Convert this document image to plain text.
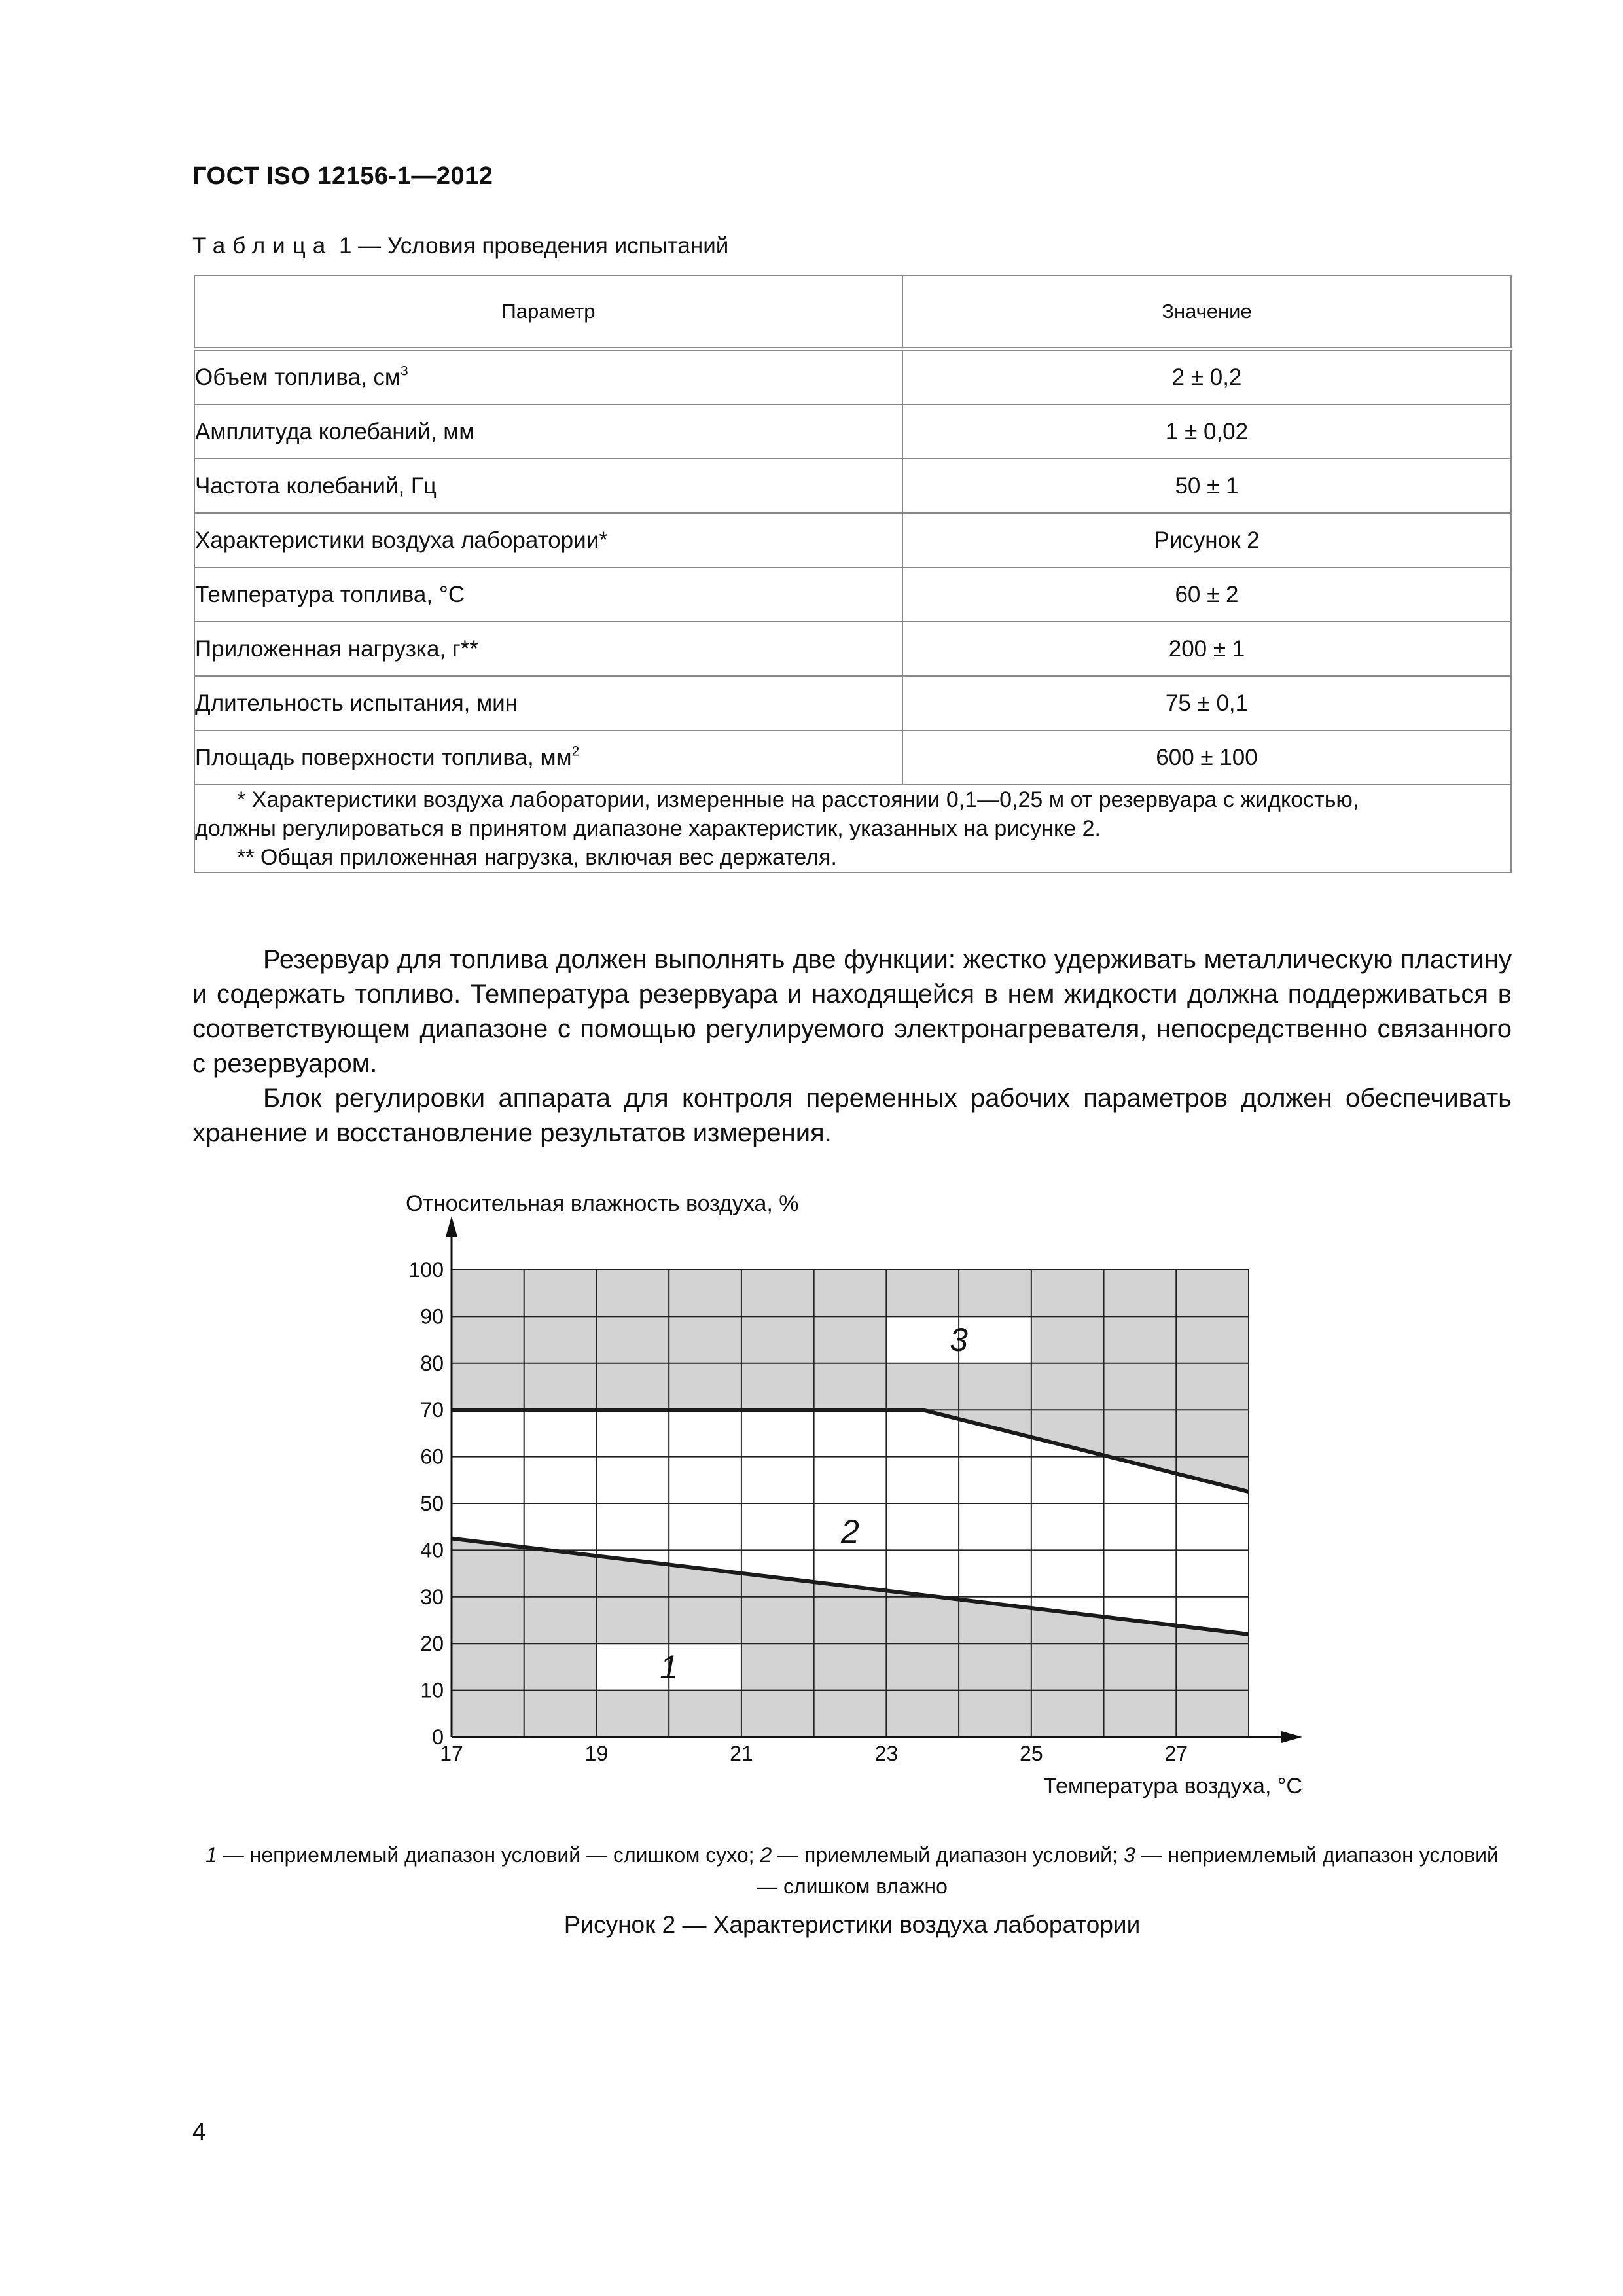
ГОСТ ISO 12156-1—2012
Таблица 1 — Условия проведения испытаний
Параметр	Значение
Объем топлива, $см^3$	2 ± 0,2
Амплитуда колебаний, мм	1 ± 0,02
Частота колебаний, Гц	50 ± 1
Характеристики воздуха лаборатории*	Рисунок 2
Температура топлива, °С	60 ± 2
Приложенная нагрузка, г**	200 ± 1
Длительность испытания, мин	75 ± 0,1
Площадь поверхности топлива, $мм^2$	600 ± 100

* Характеристики воздуха лаборатории, измеренные на расстоянии 0,1—0,25 м от резервуара с жидкостью,
должны регулироваться в принятом диапазоне характеристик, указанных на рисунке 2.
** Общая приложенная нагрузка, включая вес держателя.	

Резервуар для топлива должен выполнять две функции: жестко удерживать металлическую пластину и содержать топливо. Температура резервуара и находящейся в нем жидкости должна поддерживаться в соответствующем диапазоне с помощью регулируемого электронагревателя, непосредственно связанного с резервуаром.

Блок регулировки аппарата для контроля переменных рабочих параметров должен обеспечивать хранение и восстановление результатов измерения.

0
10
20
30
40
50
60
70
80
90
100
17	19	21	23	25	27
Относительная влажность воздуха, %
Температура воздуха, °С
1
2
3
1 — неприемлемый диапазон условий — слишком сухо; 2 — приемлемый диапазон условий; 3 — неприемлемый диапазон условий — слишком влажно
Рисунок 2 — Характеристики воздуха лаборатории
4
